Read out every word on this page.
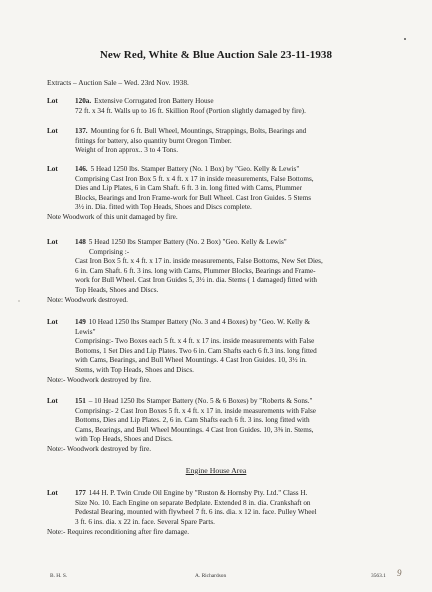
New Red, White & Blue Auction Sale 23-11-1938
Extracts – Auction Sale – Wed. 23rd Nov. 1938.
Lot 120a. Extensive Corrugated Iron Battery House
72 ft. x 34 ft. Walls up to 16 ft. Skillion Roof (Portion slightly damaged by fire).
Lot 137. Mounting for 6 ft. Bull Wheel, Mountings, Strappings, Bolts, Bearings and
fittings for battery, also quantity burnt Oregon Timber.
Weight of Iron approx.. 3 to 4 Tons.
Lot 146. 5 Head 1250 lbs. Stamper Battery (No. 1 Box) by "Geo. Kelly & Lewis"
Comprising Cast Iron Box 5 ft. x 4 ft. x 17 in inside measurements, False Bottoms,
Dies and Lip Plates, 6 in Cam Shaft. 6 ft. 3 in. long fitted with Cams, Plummer
Blocks, Bearings and Iron Frame-work for Bull Wheel. Cast Iron Guides. 5 Stems
3½ in. Dia. fitted with Top Heads, Shoes and Discs complete.
Note Woodwork of this unit damaged by fire.
Lot 148 5 Head 1250 lbs Stamper Battery (No. 2 Box) "Geo. Kelly & Lewis"
Comprising :-
Cast Iron Box 5 ft. x 4 ft. x 17 in. inside measurements, False Bottoms, New Set Dies,
6 in. Cam Shaft. 6 ft. 3 ins. long with Cams, Plummer Blocks, Bearings and Frame-
work for Bull Wheel. Cast Iron Guides 5, 3½ in. dia. Stems ( 1 damaged) fitted with
Top Heads, Shoes and Discs.
Note: Woodwork destroyed.
Lot 149 10 Head 1250 lbs Stamper Battery (No. 3 and 4 Boxes) by "Geo. W. Kelly &
Lewis"
Comprising:- Two Boxes each 5 ft. x 4 ft. x 17 ins. inside measurements with False
Bottoms, 1 Set Dies and Lip Plates. Two 6 in. Cam Shafts each 6 ft.3 ins. long fitted
with Cams, Bearings, and Bull Wheel Mountings. 4 Cast Iron Guides. 10, 3½ in.
Stems, with Top Heads, Shoes and Discs.
Note:- Woodwork destroyed by fire.
Lot 151 – 10 Head 1250 lbs Stamper Battery (No. 5 & 6 Boxes) by "Roberts & Sons."
Comprising:- 2 Cast Iron Boxes 5 ft. x 4 ft. x 17 in. inside measurements with False
Bottoms, Dies and Lip Plates. 2, 6 in. Cam Shafts each 6 ft. 3 ins. long fitted with
Cams, Bearings, and Bull Wheel Mountings. 4 Cast Iron Guides. 10, 3⅜ in. Stems,
with Top Heads, Shoes and Discs.
Note:- Woodwork destroyed by fire.
Engine House Area
Lot 177 144 H. P. Twin Crude Oil Engine by "Ruston & Hornsby Pty. Ltd." Class H.
Size No. 10. Each Engine on separate Bedplate. Extended 8 in. dia. Crankshaft on
Pedestal Bearing, mounted with flywheel 7 ft. 6 ins. dia. x 12 in. face. Pulley Wheel
3 ft. 6 ins. dia. x 22 in. face. Several Spare Parts.
Note:- Requires reconditioning after fire damage.
B. H. S.	A. Richardson	3563.1 9
